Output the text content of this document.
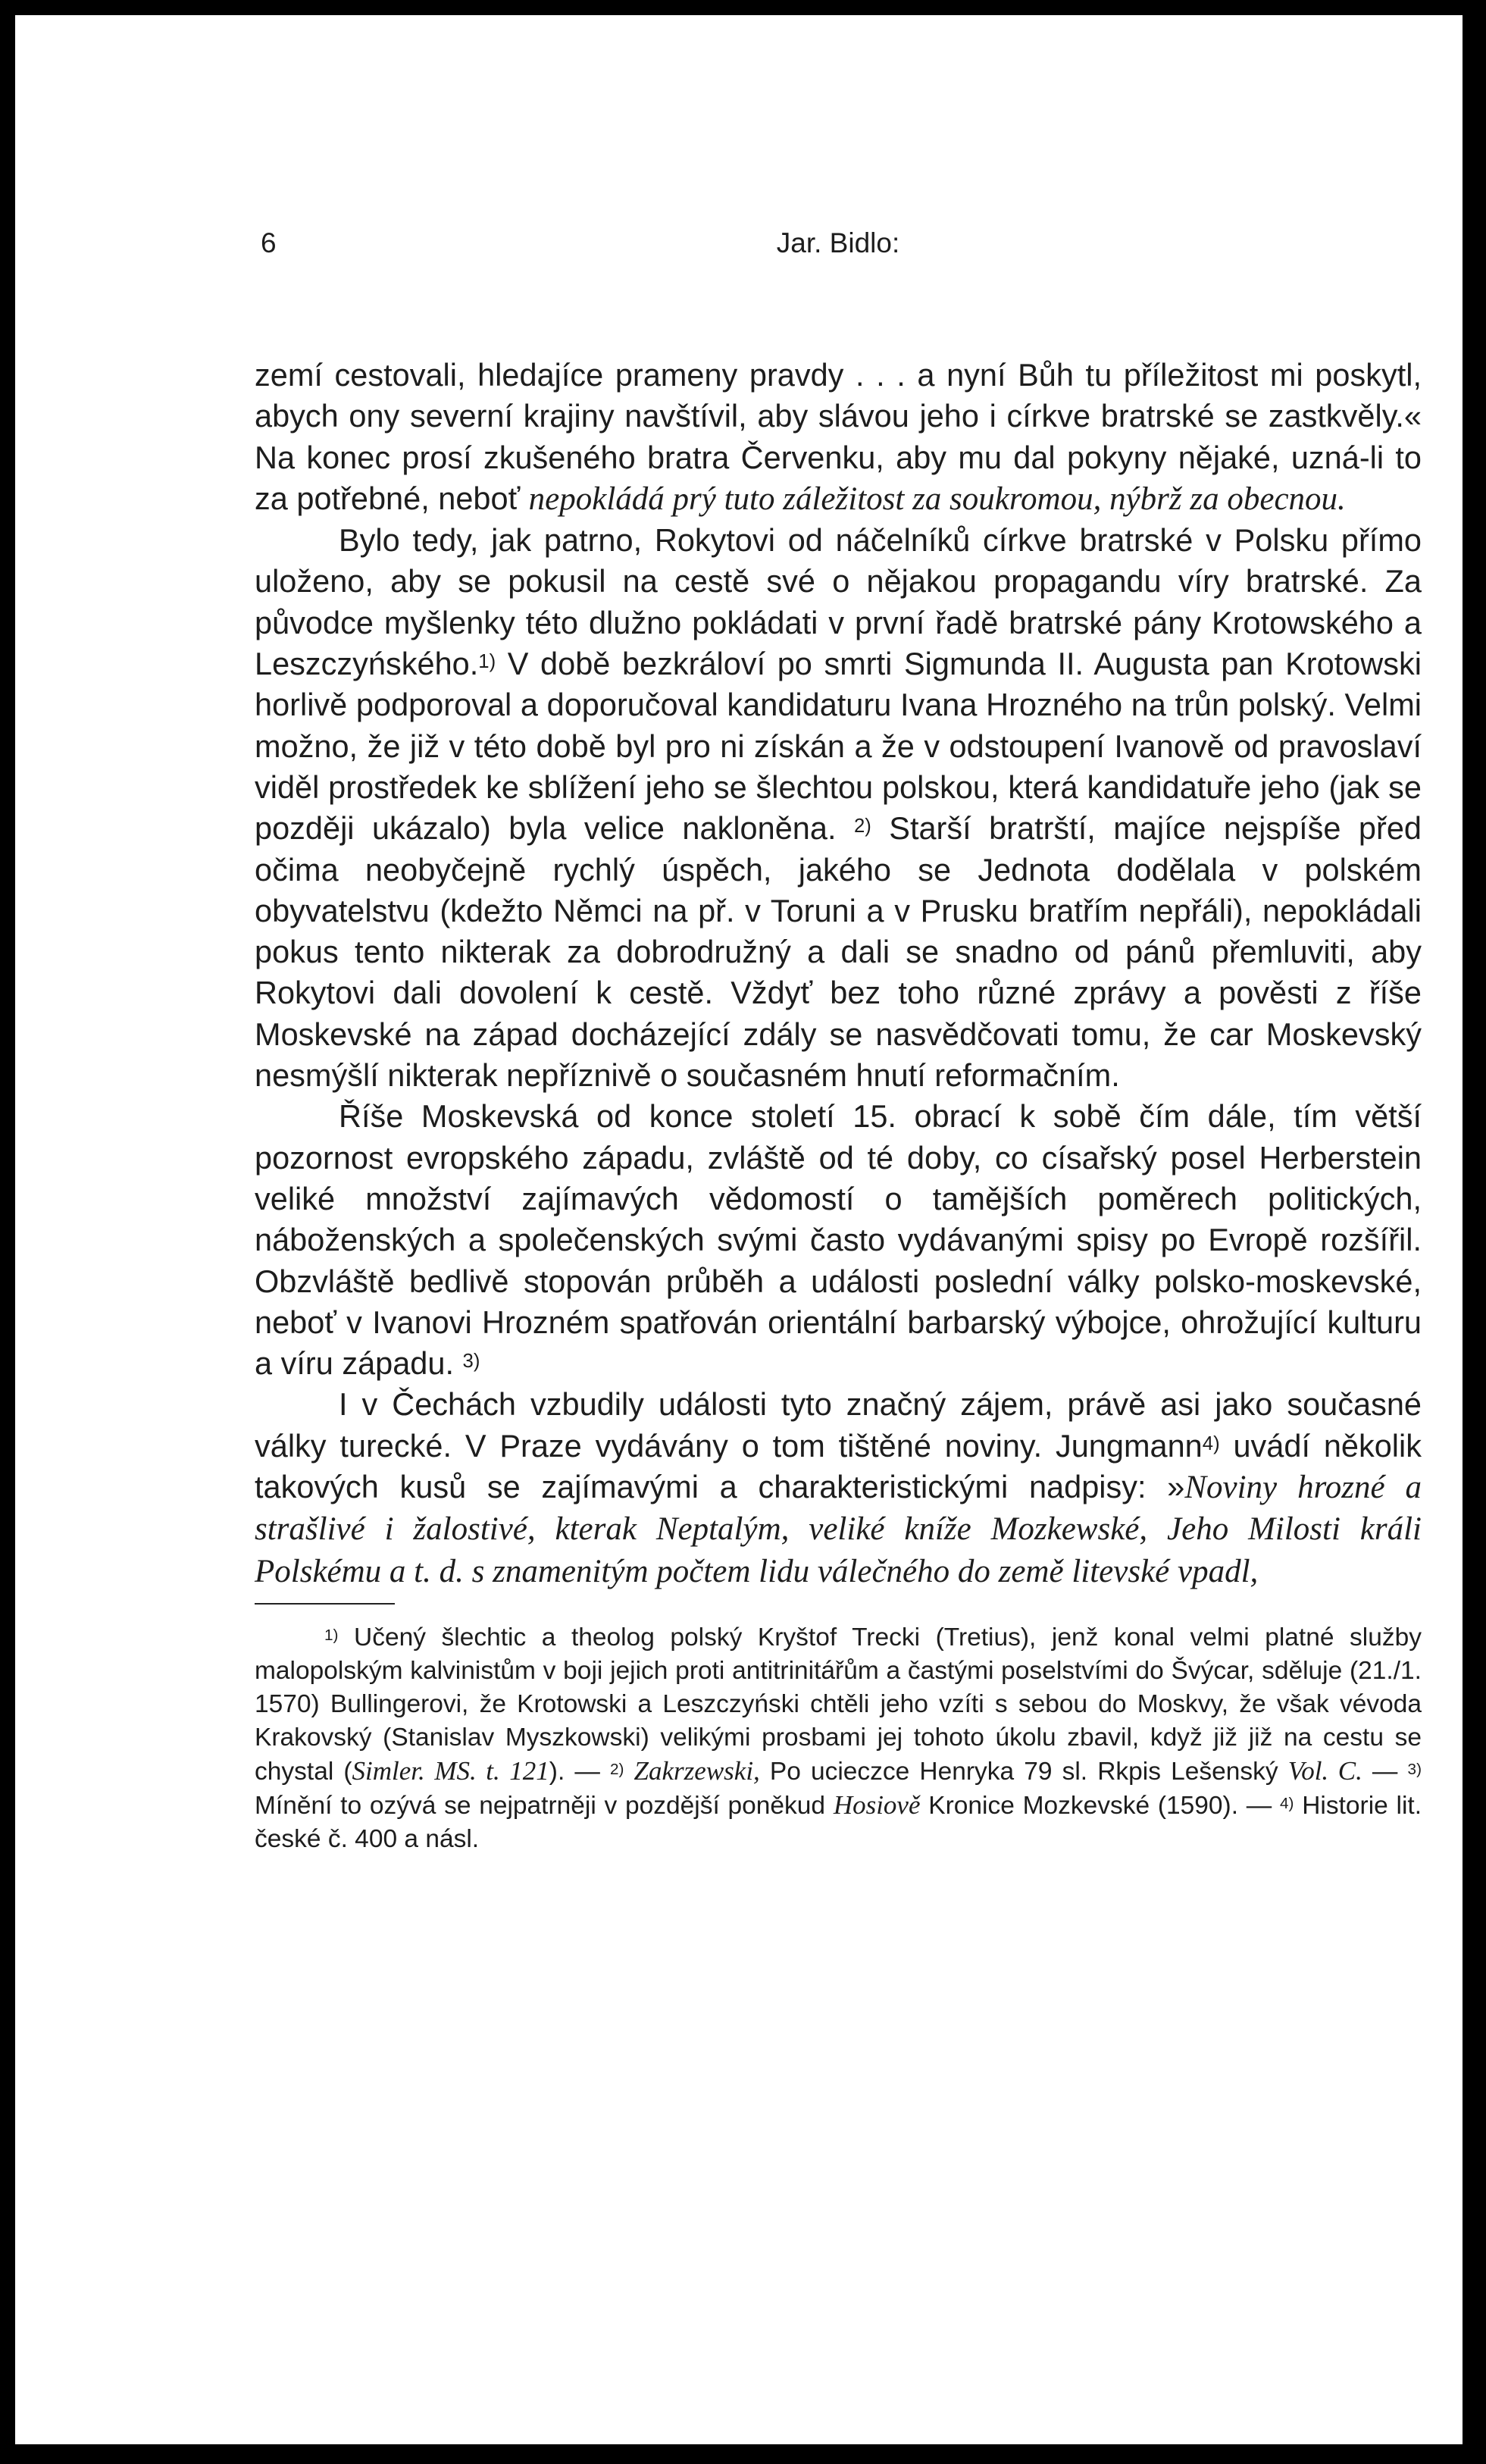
6	Jar. Bidlo:

zemí cestovali, hledajíce prameny pravdy . . . a nyní Bůh tu příležitost mi poskytl, abych ony severní krajiny navštívil, aby slávou jeho i církve bratrské se zastkvěly.« Na konec prosí zkušeného bratra Červenku, aby mu dal pokyny nějaké, uzná-li to za potřebné, neboť nepokládá prý tuto záležitost za soukromou, nýbrž za obecnou.

Bylo tedy, jak patrno, Rokytovi od náčelníků církve bratrské v Polsku přímo uloženo, aby se pokusil na cestě své o nějakou propagandu víry bratrské. Za původce myšlenky této dlužno pokládati v první řadě bratrské pány Krotowského a Leszczyńského.$^{1)}$ V době bezkráloví po smrti Sigmunda II. Augusta pan Krotowski horlivě podporoval a doporučoval kandidaturu Ivana Hrozného na trůn polský. Velmi možno, že již v této době byl pro ni získán a že v odstoupení Ivanově od pravoslaví viděl prostředek ke sblížení jeho se šlechtou polskou, která kandidatuře jeho (jak se později ukázalo) byla velice nakloněna. $^{2)}$ Starší bratrští, majíce nejspíše před očima neobyčejně rychlý úspěch, jakého se Jednota dodělala v polském obyvatelstvu (kdežto Němci na př. v Toruni a v Prusku bratřím nepřáli), nepokládali pokus tento nikterak za dobrodružný a dali se snadno od pánů přemluviti, aby Rokytovi dali dovolení k cestě. Vždyť bez toho různé zprávy a pověsti z říše Moskevské na západ docházející zdály se nasvědčovati tomu, že car Moskevský nesmýšlí nikterak nepříznivě o současném hnutí reformačním.

Říše Moskevská od konce století 15. obrací k sobě čím dále, tím větší pozornost evropského západu, zvláště od té doby, co císařský posel Herberstein veliké množství zajímavých vědomostí o tamějších poměrech politických, náboženských a společenských svými často vydávanými spisy po Evropě rozšířil. Obzvláště bedlivě stopován průběh a události poslední války polsko-moskevské, neboť v Ivanovi Hrozném spatřován orientální barbarský výbojce, ohrožující kulturu a víru západu. $^{3)}$

I v Čechách vzbudily události tyto značný zájem, právě asi jako současné války turecké. V Praze vydávány o tom tištěné noviny. Jungmann$^{4)}$ uvádí několik takových kusů se zajímavými a charakteristickými nadpisy: »Noviny hrozné a strašlivé i žalostivé, kterak Neptalým, veliké kníže Mozkewské, Jeho Milosti králi Polskému a t. d. s znamenitým počtem lidu válečného do země litevské vpadl,

$^{1)}$ Učený šlechtic a theolog polský Kryštof Trecki (Tretius), jenž konal velmi platné služby malopolským kalvinistům v boji jejich proti antitrinitářům a častými poselstvími do Švýcar, sděluje (21./1. 1570) Bullingerovi, že Krotowski a Leszczyński chtěli jeho vzíti s sebou do Moskvy, že však vévoda Krakovský (Stanislav Myszkowski) velikými prosbami jej tohoto úkolu zbavil, když již již na cestu se chystal (Simler. MS. t. 121). — $^{2)}$ Zakrzewski, Po ucieczce Henryka 79 sl. Rkpis Lešenský Vol. C. — $^{3)}$ Mínění to ozývá se nejpatrněji v pozdější poněkud Hosiově Kronice Mozkevské (1590). — $^{4)}$ Historie lit. české č. 400 a násl.
